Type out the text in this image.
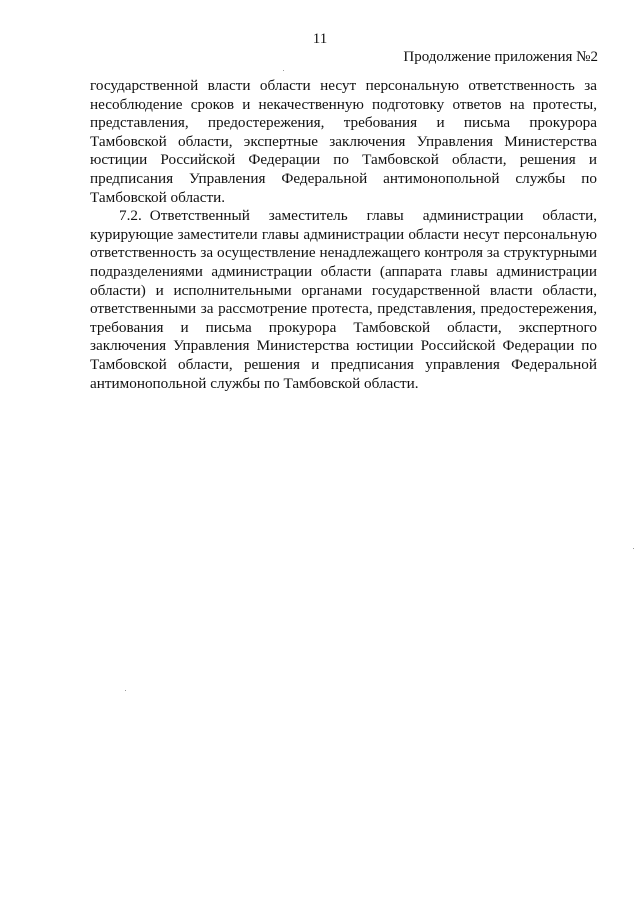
11
Продолжение приложения №2

государственной власти области несут персональную ответственность за несоблюдение сроков и некачественную подготовку ответов на протесты, представления, предостережения, требования и письма прокурора Тамбовской области, экспертные заключения Управления Министерства юстиции Российской Федерации по Тамбовской области, решения и предписания Управления Федеральной антимонопольной службы по Тамбовской области.

7.2. Ответственный заместитель главы администрации области, курирующие заместители главы администрации области несут персональную ответственность за осуществление ненадлежащего контроля за структурными подразделениями администрации области (аппарата главы администрации области) и исполнительными органами государственной власти области, ответственными за рассмотрение протеста, представления, предостережения, требования и письма прокурора Тамбовской области, экспертного заключения Управления Министерства юстиции Российской Федерации по Тамбовской области, решения и предписания управления Федеральной антимонопольной службы по Тамбовской области.
